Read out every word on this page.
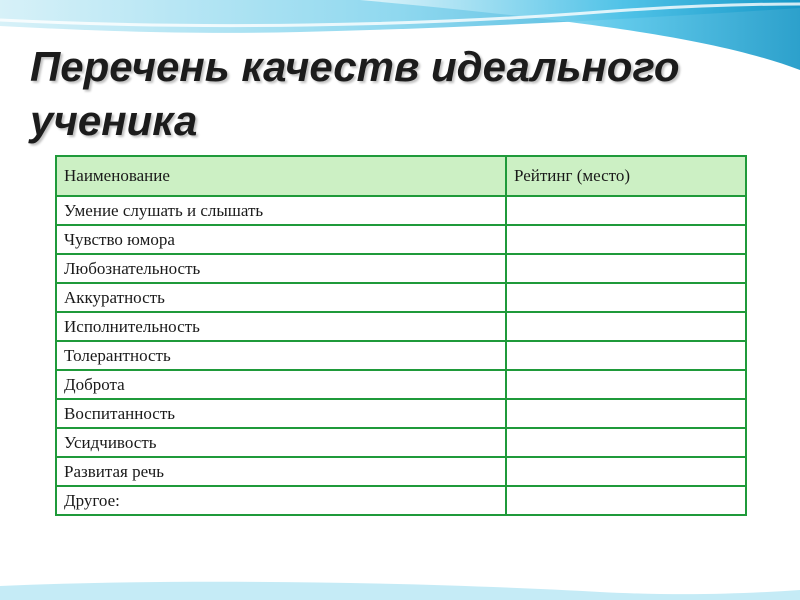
Перечень качеств идеального ученика
Наименование	Рейтинг (место)
Умение слушать и слышать	
Чувство юмора	
Любознательность	
Аккуратность	
Исполнительность	
Толерантность	
Доброта	
Воспитанность	
Усидчивость	
Развитая речь	
Другое:	
